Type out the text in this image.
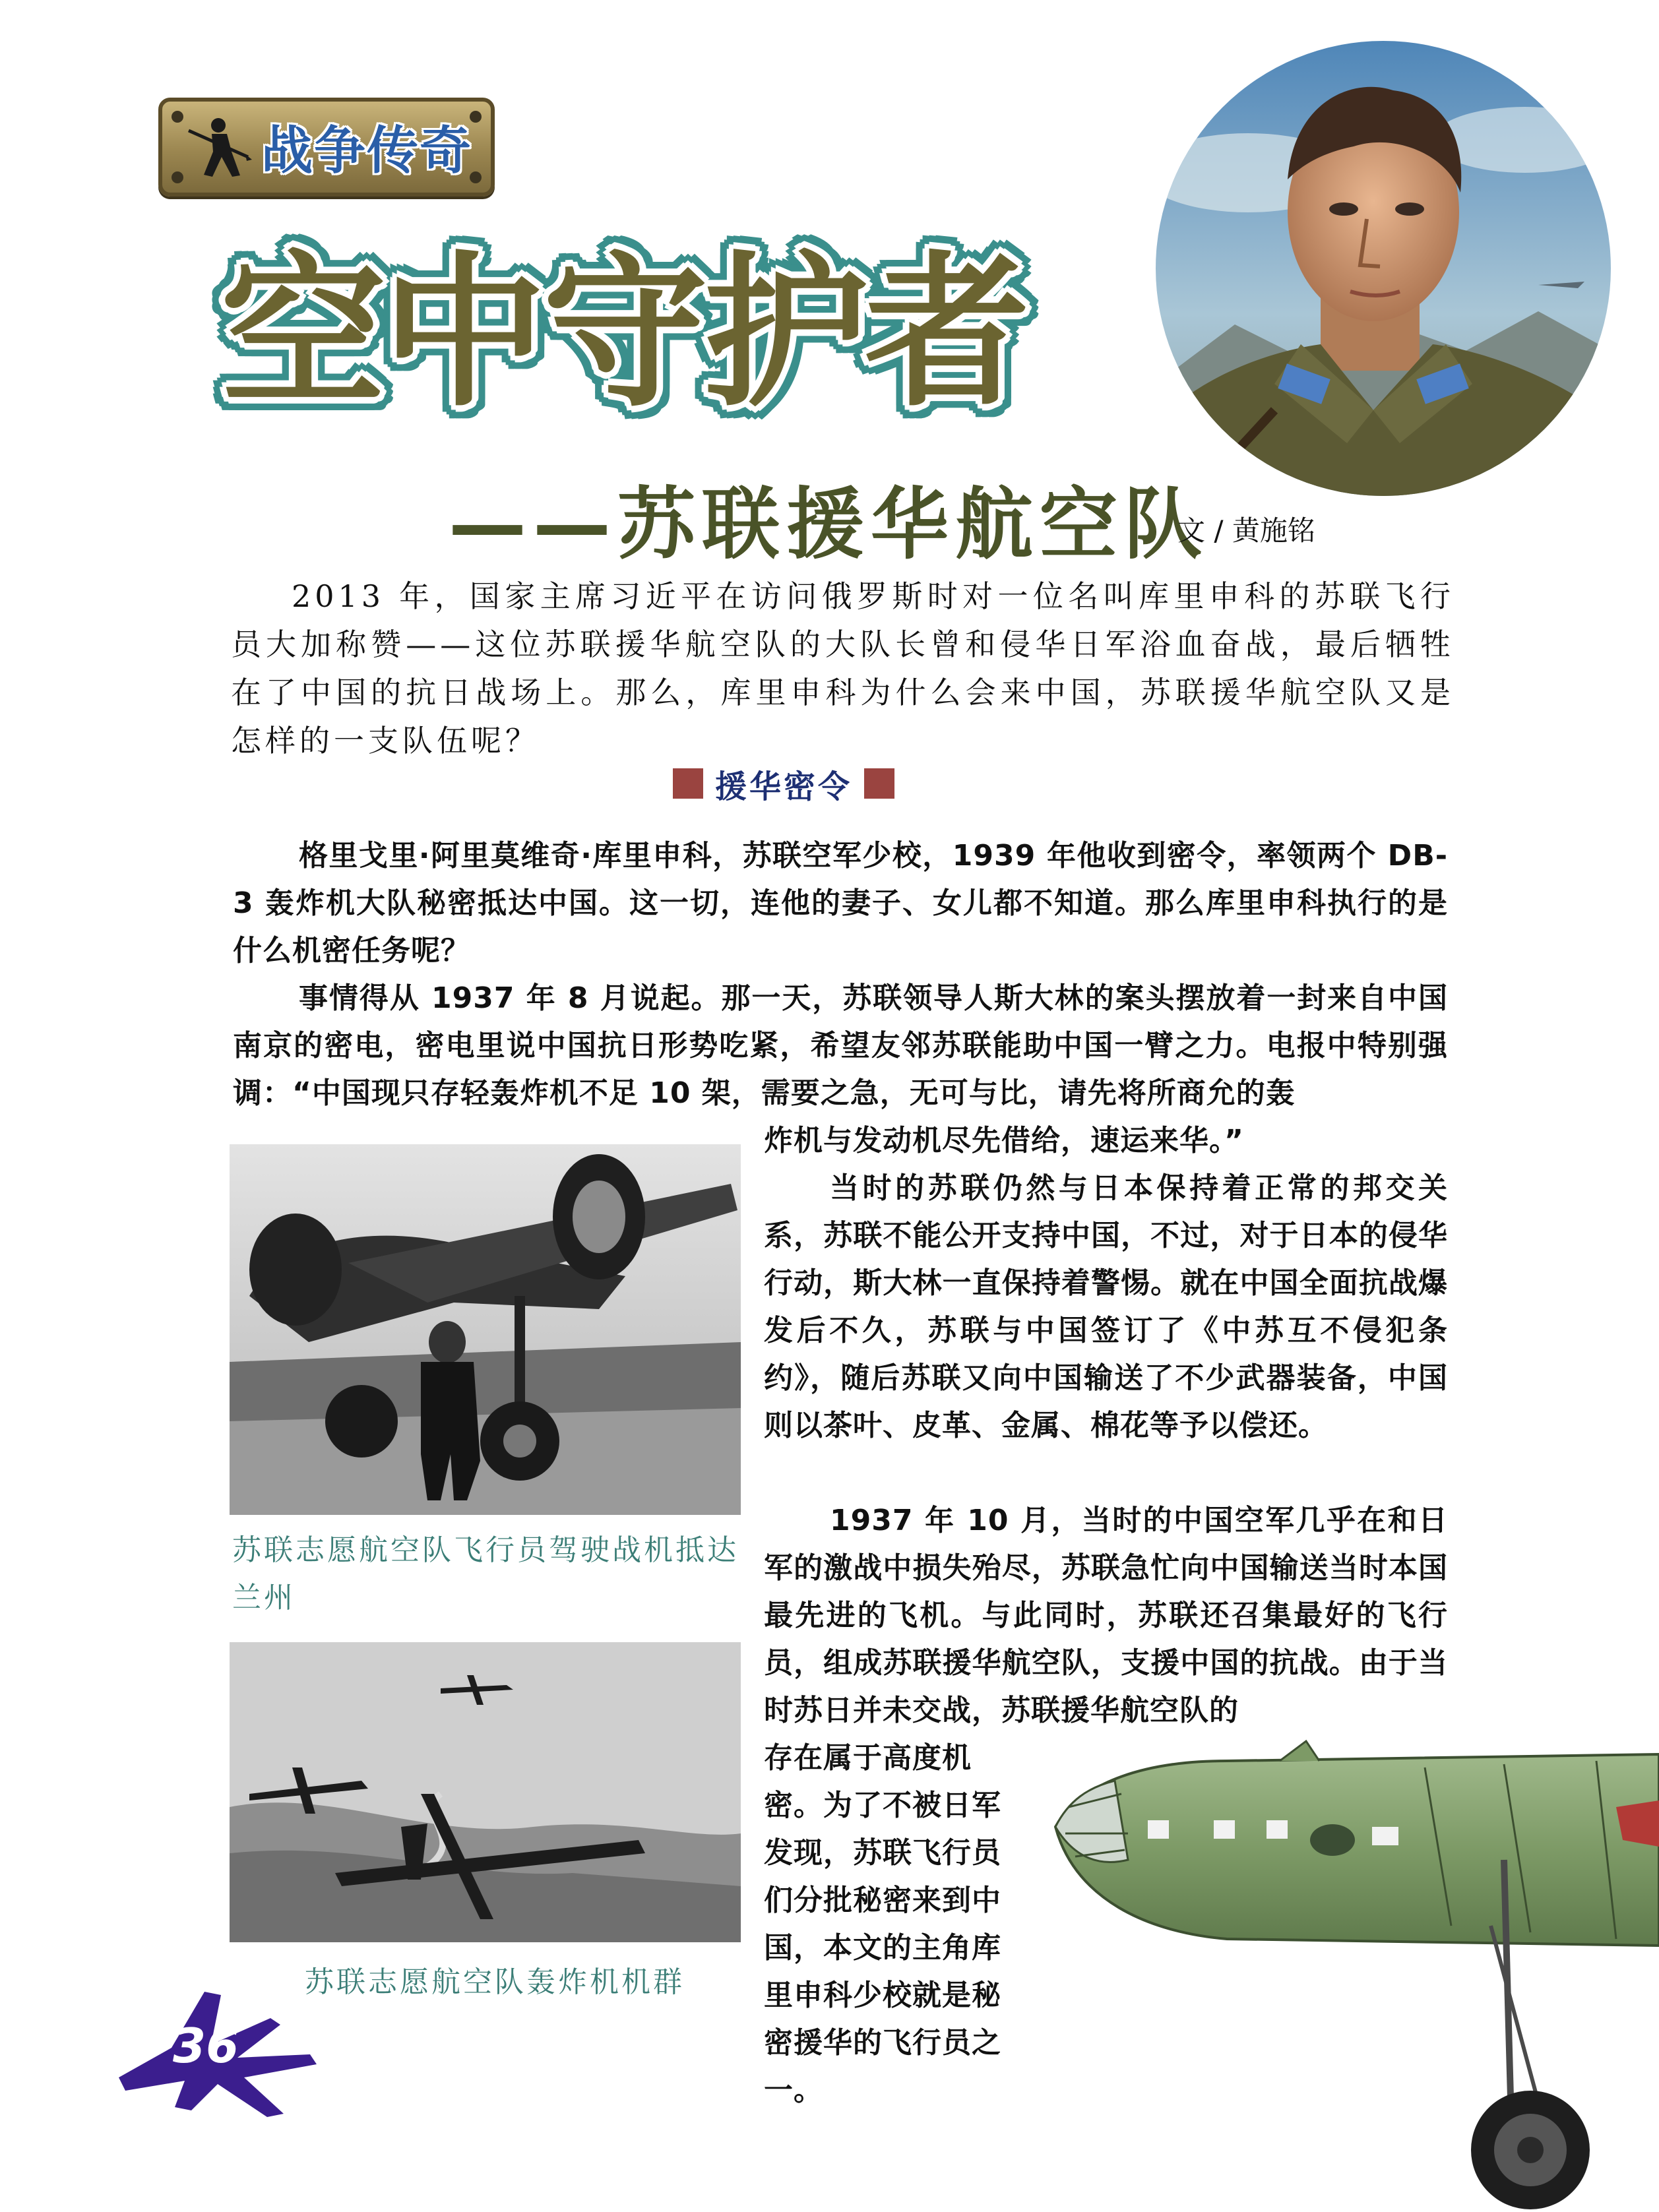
战争传奇
空中守护者
——苏联援华航空队
文 / 黄施铭

2013 年，国家主席习近平在访问俄罗斯时对一位名叫库里申科的苏联飞行员大加称赞——这位苏联援华航空队的大队长曾和侵华日军浴血奋战，最后牺牲在了中国的抗日战场上。那么，库里申科为什么会来中国，苏联援华航空队又是怎样的一支队伍呢？

援华密令

格里戈里·阿里莫维奇·库里申科，苏联空军少校，1939 年他收到密令，率领两个 DB-3 轰炸机大队秘密抵达中国。这一切，连他的妻子、女儿都不知道。那么库里申科执行的是什么机密任务呢？

事情得从 1937 年 8 月说起。那一天，苏联领导人斯大林的案头摆放着一封来自中国南京的密电，密电里说中国抗日形势吃紧，希望友邻苏联能助中国一臂之力。电报中特别强调：“中国现只存轻轰炸机不足 10 架，需要之急，无可与比，请先将所商允的轰

炸机与发动机尽先借给，速运来华。”

当时的苏联仍然与日本保持着正常的邦交关系，苏联不能公开支持中国，不过，对于日本的侵华行动，斯大林一直保持着警惕。就在中国全面抗战爆发后不久，苏联与中国签订了《中苏互不侵犯条约》，随后苏联又向中国输送了不少武器装备，中国则以茶叶、皮革、金属、棉花等予以偿还。

1937 年 10 月，当时的中国空军几乎在和日军的激战中损失殆尽，苏联急忙向中国输送当时本国最先进的飞机。与此同时，苏联还召集最好的飞行员，组成苏联援华航空队，支援中国的抗战。由于当时苏日并未交战，苏联援华航空队的

存在属于高度机密。为了不被日军发现，苏联飞行员们分批秘密来到中国，本文的主角库里申科少校就是秘密援华的飞行员之一。

苏联志愿航空队飞行员驾驶战机抵达兰州

苏联志愿航空队轰炸机机群

36
